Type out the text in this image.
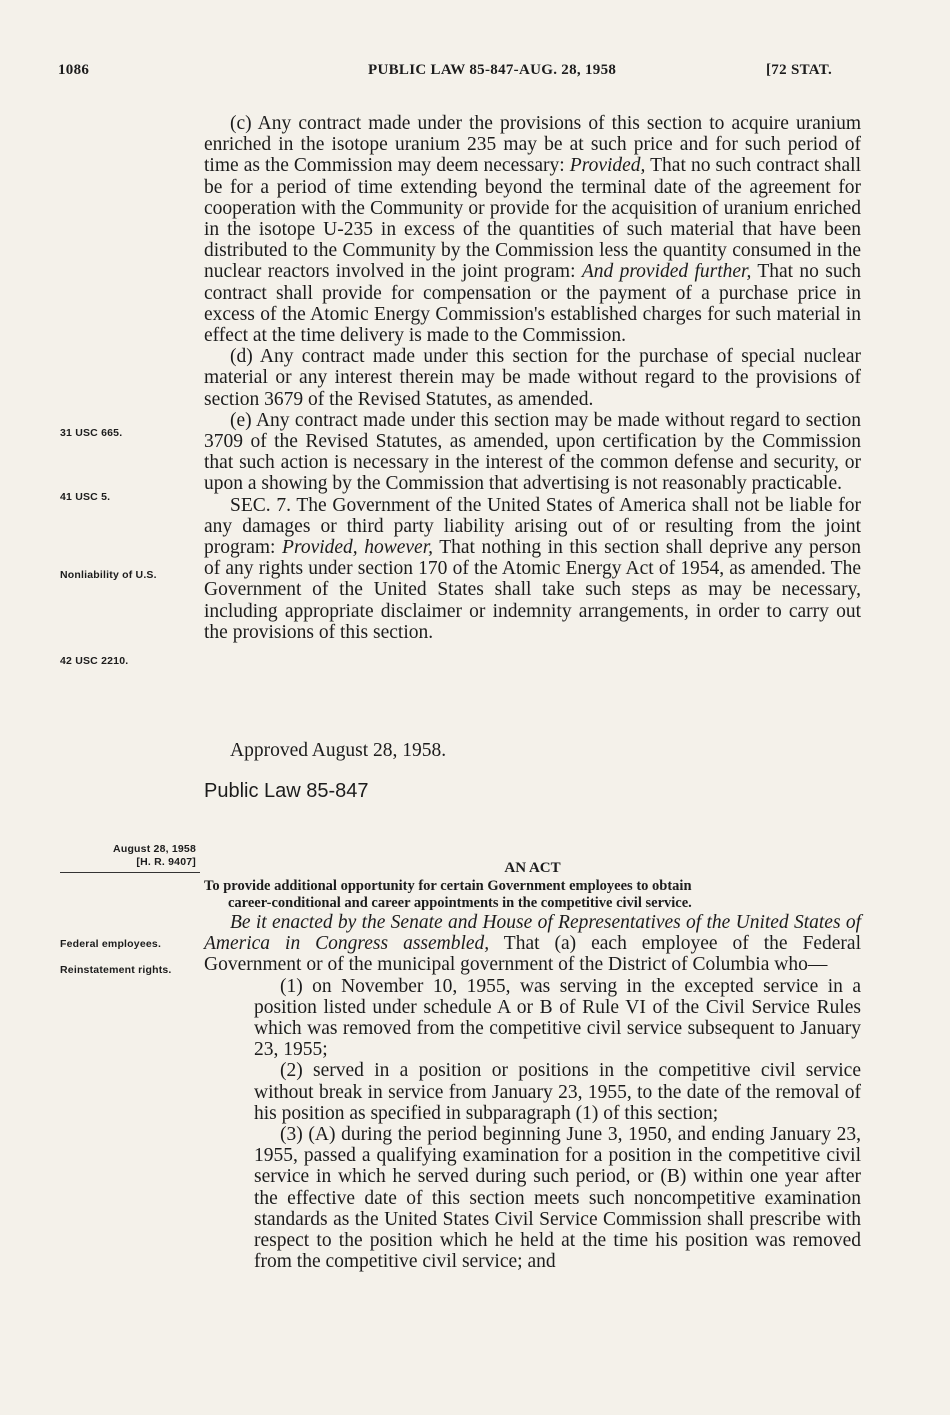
1086	PUBLIC LAW 85-847-AUG. 28, 1958	[72 STAT.
31 USC 665.
41 USC 5.
Nonliability of U.S.
42 USC 2210.
August 28, 1958
[H. R. 9407]
Federal employees.
Reinstatement rights.

(c) Any contract made under the provisions of this section to acquire uranium enriched in the isotope uranium 235 may be at such price and for such period of time as the Commission may deem necessary: Provided, That no such contract shall be for a period of time extending beyond the terminal date of the agreement for cooperation with the Community or provide for the acquisition of uranium enriched in the isotope U-235 in excess of the quantities of such material that have been distributed to the Community by the Commission less the quantity consumed in the nuclear reactors involved in the joint program: And provided further, That no such contract shall provide for compensation or the payment of a purchase price in excess of the Atomic Energy Commission's established charges for such material in effect at the time delivery is made to the Commission.

(d) Any contract made under this section for the purchase of special nuclear material or any interest therein may be made without regard to the provisions of section 3679 of the Revised Statutes, as amended.

(e) Any contract made under this section may be made without regard to section 3709 of the Revised Statutes, as amended, upon certification by the Commission that such action is necessary in the interest of the common defense and security, or upon a showing by the Commission that advertising is not reasonably practicable.

SEC. 7. The Government of the United States of America shall not be liable for any damages or third party liability arising out of or resulting from the joint program: Provided, however, That nothing in this section shall deprive any person of any rights under section 170 of the Atomic Energy Act of 1954, as amended. The Government of the United States shall take such steps as may be necessary, including appropriate disclaimer or indemnity arrangements, in order to carry out the provisions of this section.

Approved August 28, 1958.

Public Law 85-847

AN ACT
To provide additional opportunity for certain Government employees to obtain
career-conditional and career appointments in the competitive civil service.

Be it enacted by the Senate and House of Representatives of the United States of America in Congress assembled, That (a) each employee of the Federal Government or of the municipal government of the District of Columbia who—

(1) on November 10, 1955, was serving in the excepted service in a position listed under schedule A or B of Rule VI of the Civil Service Rules which was removed from the competitive civil service subsequent to January 23, 1955;

(2) served in a position or positions in the competitive civil service without break in service from January 23, 1955, to the date of the removal of his position as specified in subparagraph (1) of this section;

(3) (A) during the period beginning June 3, 1950, and ending January 23, 1955, passed a qualifying examination for a position in the competitive civil service in which he served during such period, or (B) within one year after the effective date of this section meets such noncompetitive examination standards as the United States Civil Service Commission shall prescribe with respect to the position which he held at the time his position was removed from the competitive civil service; and
